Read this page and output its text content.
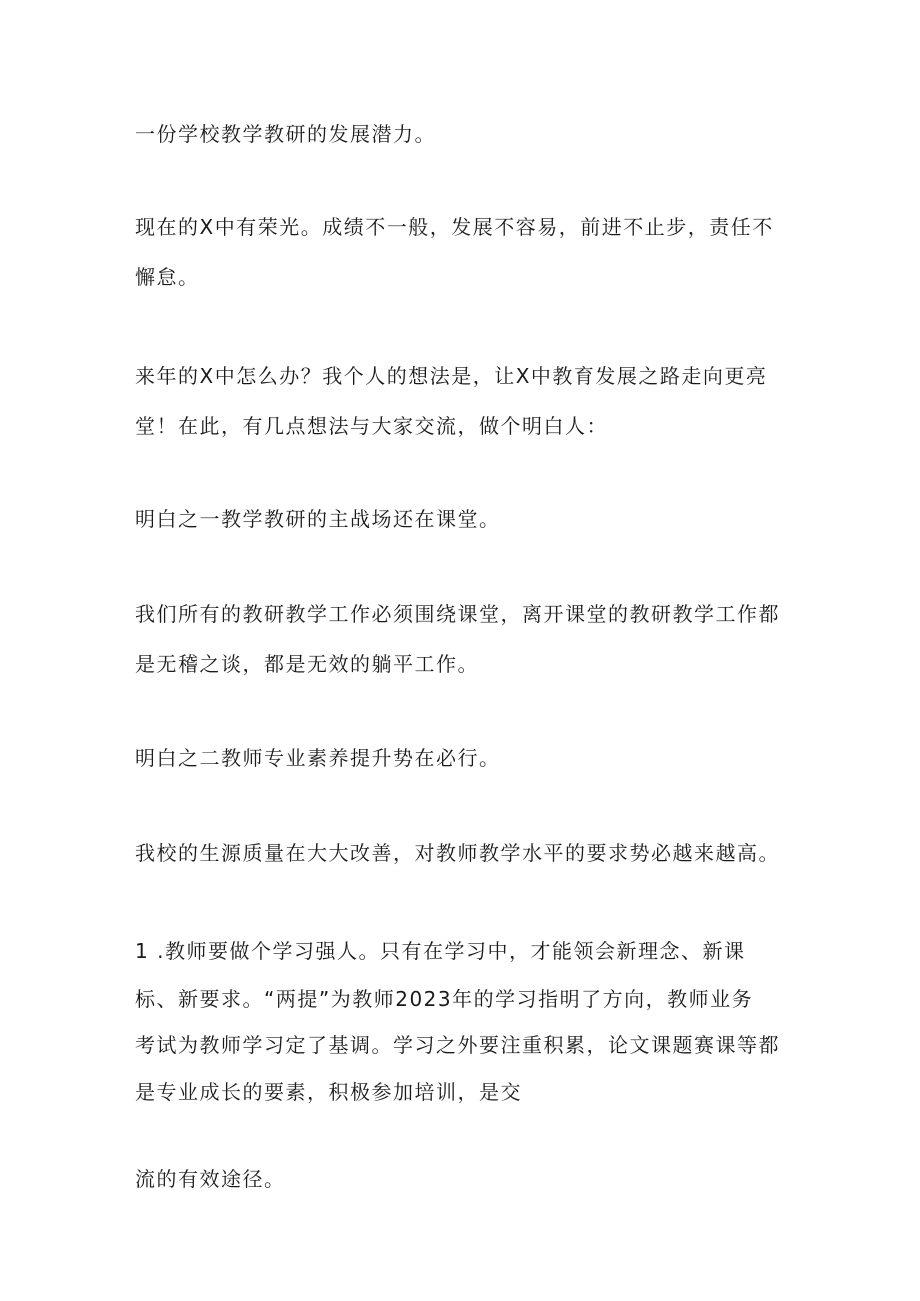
一份学校教学教研的发展潜力。
现在的X中有荣光。成绩不一般，发展不容易，前进不止步，责任不
懈怠。
来年的X中怎么办？我个人的想法是，让X中教育发展之路走向更亮
堂！在此，有几点想法与大家交流，做个明白人：
明白之一教学教研的主战场还在课堂。
我们所有的教研教学工作必须围绕课堂，离开课堂的教研教学工作都
是无稽之谈，都是无效的躺平工作。
明白之二教师专业素养提升势在必行。
我校的生源质量在大大改善，对教师教学水平的要求势必越来越高。
1 .教师要做个学习强人。只有在学习中，才能领会新理念、新课
标、新要求。“两提”为教师2023年的学习指明了方向，教师业务
考试为教师学习定了基调。学习之外要注重积累，论文课题赛课等都
是专业成长的要素，积极参加培训，是交
流的有效途径。
